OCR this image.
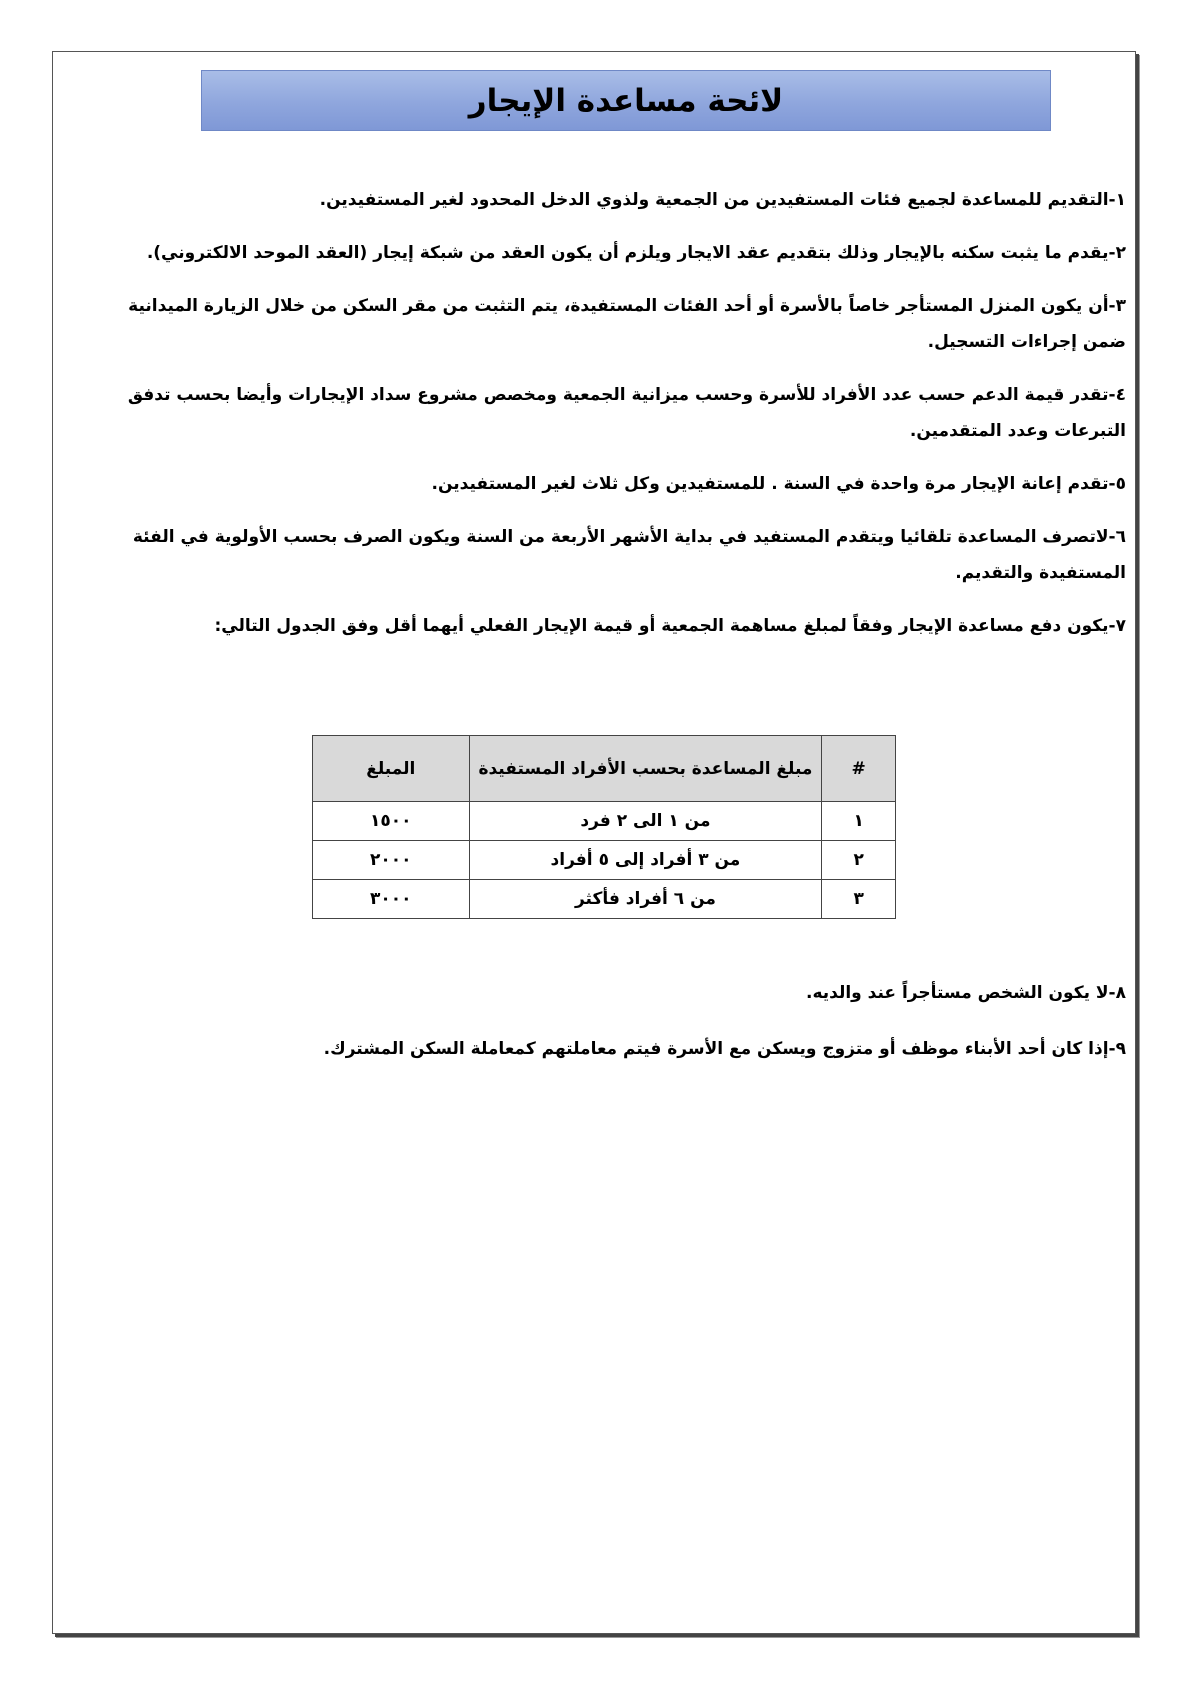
لائحة مساعدة الإيجار

١-التقديم للمساعدة لجميع فئات المستفيدين من الجمعية ولذوي الدخل المحدود لغير المستفيدين.

٢-يقدم ما يثبت سكنه بالإيجار وذلك بتقديم عقد الايجار ويلزم أن يكون العقد من شبكة إيجار (العقد الموحد الالكتروني).

٣-أن يكون المنزل المستأجر خاصاً بالأسرة أو أحد الفئات المستفيدة، يتم التثبت من مقر السكن من خلال الزيارة الميدانية ضمن إجراءات التسجيل.

٤-تقدر قيمة الدعم حسب عدد الأفراد للأسرة وحسب ميزانية الجمعية ومخصص مشروع سداد الإيجارات وأيضا بحسب تدفق التبرعات وعدد المتقدمين.

٥-تقدم إعانة الإيجار مرة واحدة في السنة . للمستفيدين وكل ثلاث لغير المستفيدين.

٦-لاتصرف المساعدة تلقائيا ويتقدم المستفيد في بداية الأشهر الأربعة من السنة ويكون الصرف بحسب الأولوية في الفئة المستفيدة والتقديم.

٧-يكون دفع مساعدة الإيجار وفقاً لمبلغ مساهمة الجمعية أو قيمة الإيجار الفعلي أيهما أقل وفق الجدول التالي:

#	مبلغ المساعدة بحسب الأفراد المستفيدة	المبلغ
١	من ١ الى ٢ فرد	١٥٠٠
٢	من ٣ أفراد إلى ٥ أفراد	٢٠٠٠
٣	من ٦ أفراد فأكثر	٣٠٠٠

٨-لا يكون الشخص مستأجراً عند والديه.

٩-إذا كان أحد الأبناء موظف أو متزوج ويسكن مع الأسرة فيتم معاملتهم كمعاملة السكن المشترك.
